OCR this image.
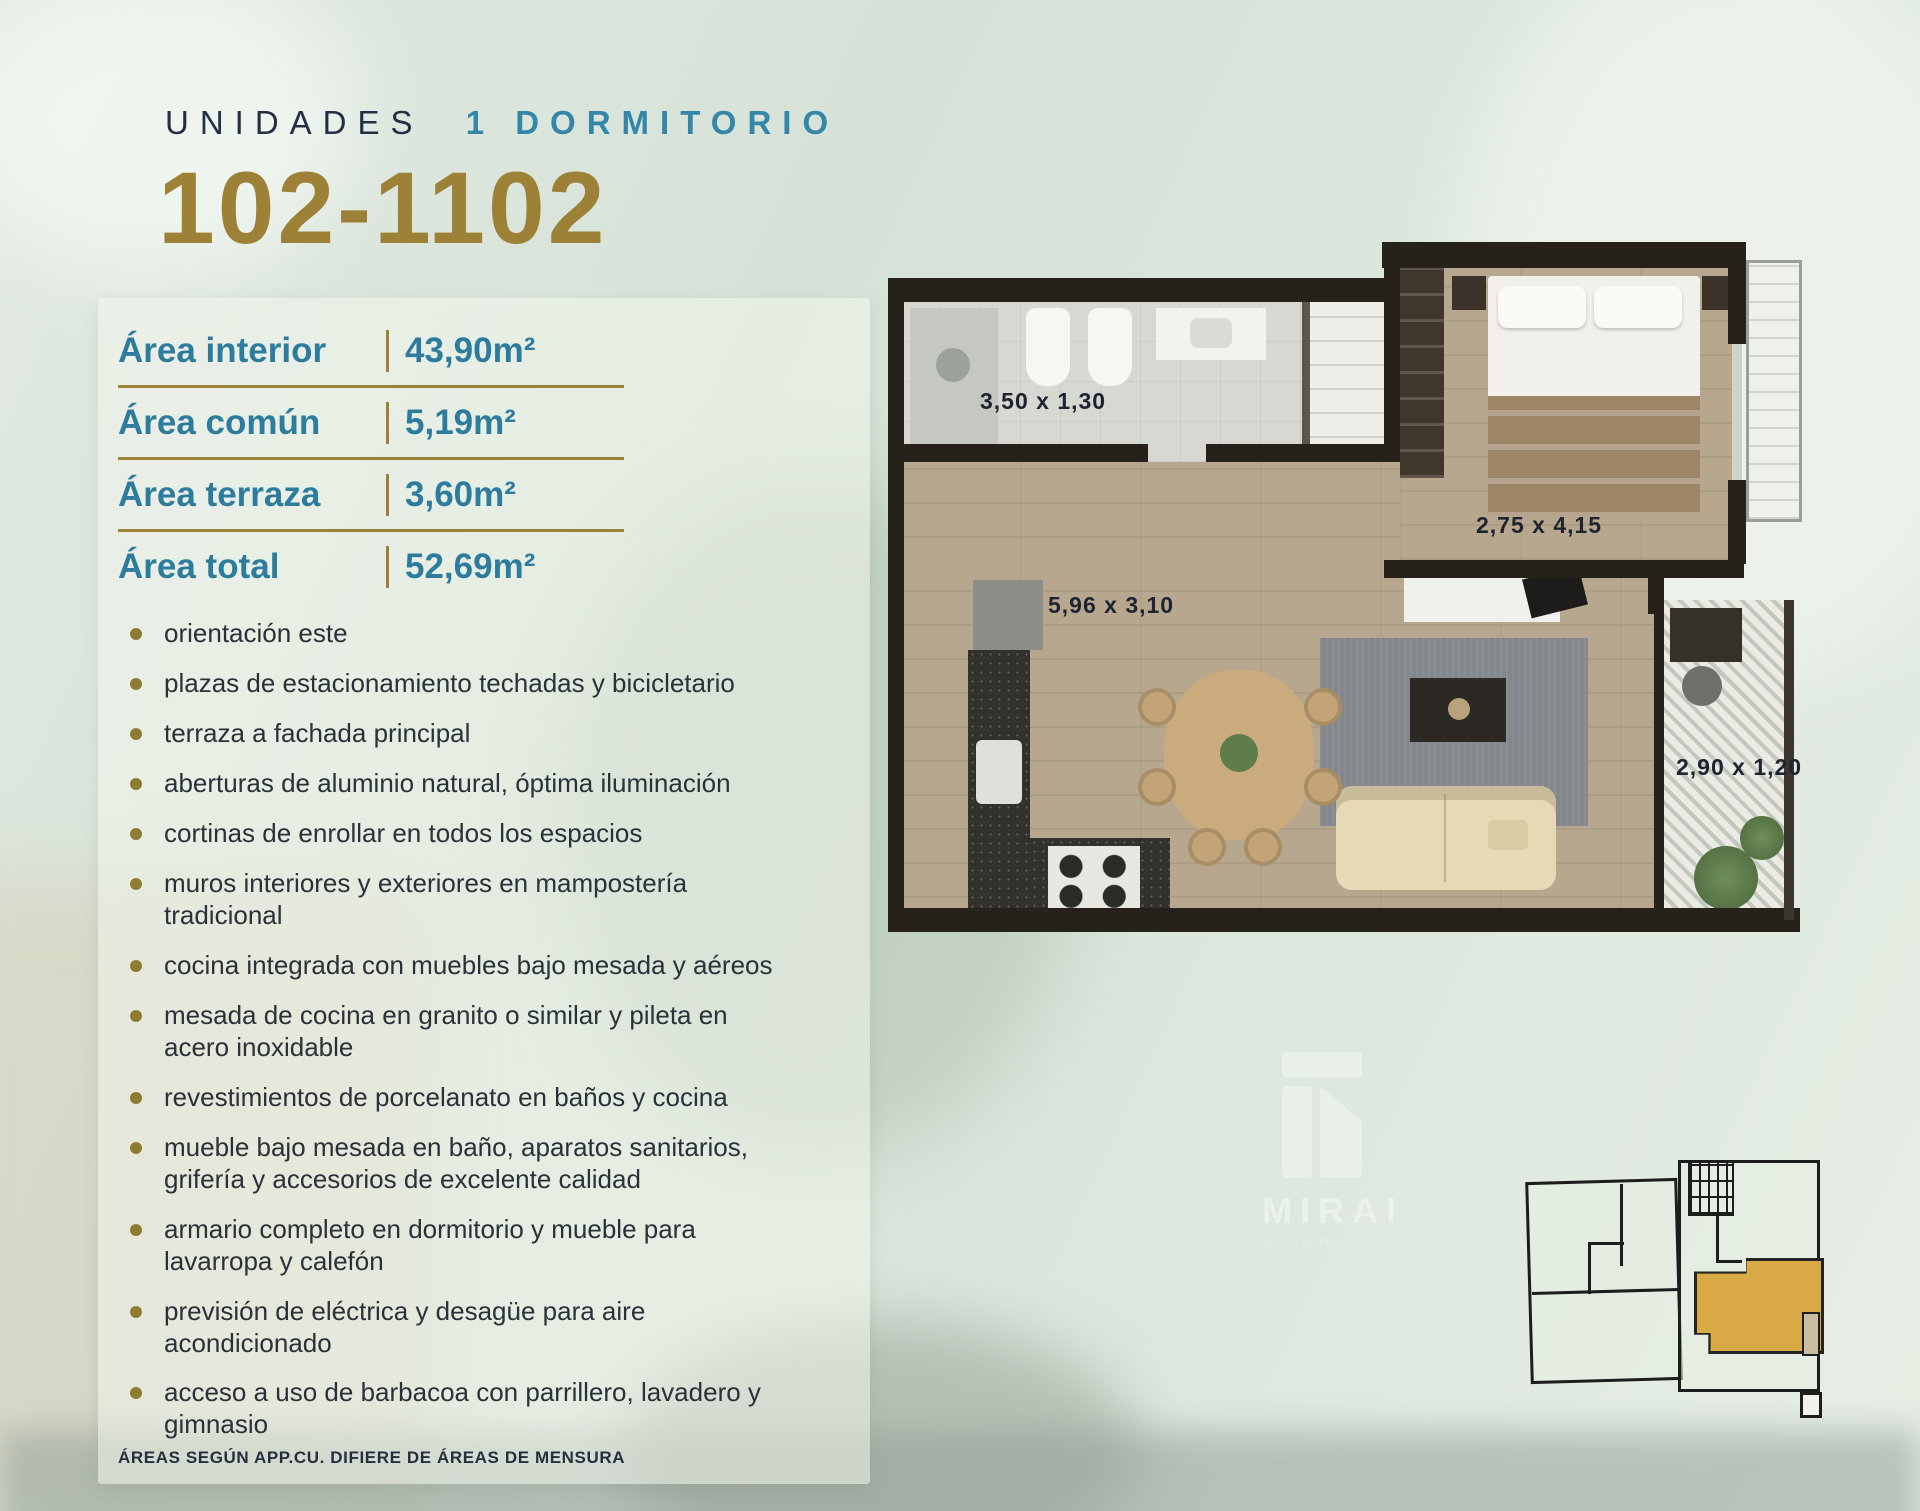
UNIDADES 1 DORMITORIO
102-1102
Área interior	43,90m²
Área común	5,19m²
Área terraza	3,60m²
Área total	52,69m²
orientación este
plazas de estacionamiento techadas y bicicletario
terraza a fachada principal
aberturas de aluminio natural, óptima iluminación
cortinas de enrollar en todos los espacios
muros interiores y exteriores en mampostería tradicional
cocina integrada con muebles bajo mesada y aéreos
mesada de cocina en granito o similar y pileta en acero inoxidable
revestimientos de porcelanato en baños y cocina
mueble bajo mesada en baño, aparatos sanitarios, grifería y accesorios de excelente calidad
armario completo en dormitorio y mueble para lavarropa y calefón
previsión de eléctrica y desagüe para aire acondicionado
acceso a uso de barbacoa con parrillero, lavadero y gimnasio
ÁREAS SEGÚN APP.CU. DIFIERE DE ÁREAS DE MENSURA
3,50 x 1,30
2,75 x 4,15
5,96 x 3,10
2,90 x 1,20
MIRAI
ARENAL
